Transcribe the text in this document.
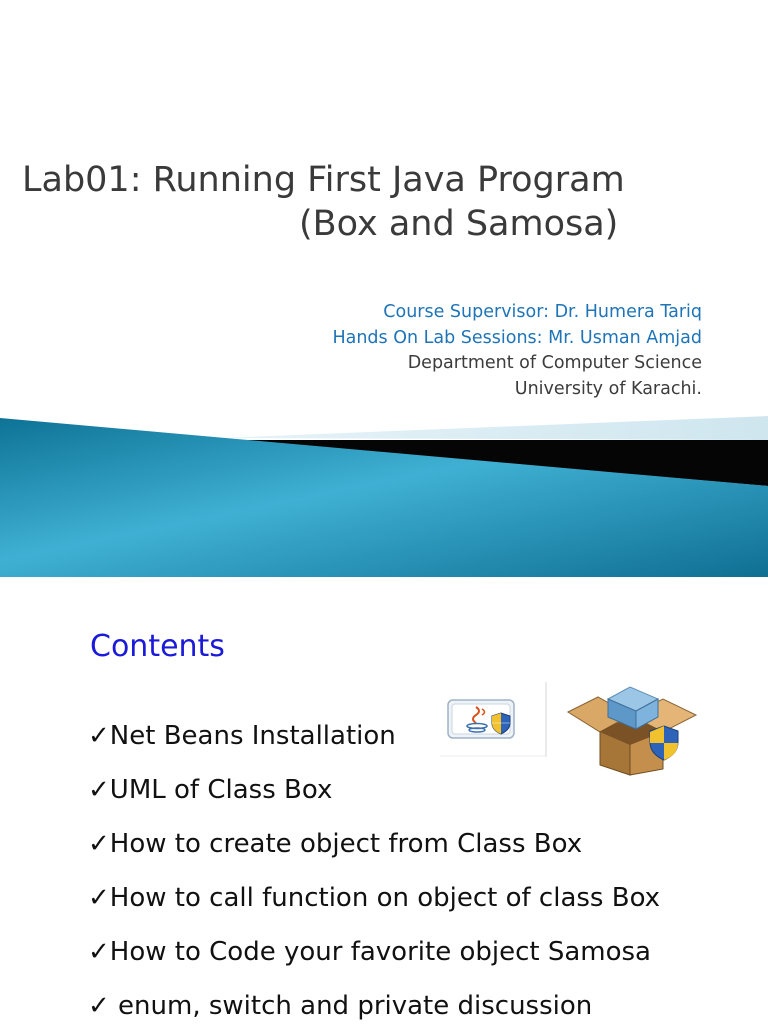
Lab01: Running First Java Program
(Box and Samosa)
Course Supervisor: Dr. Humera Tariq
Hands On Lab Sessions: Mr. Usman Amjad
Department of Computer Science
University of Karachi.
Contents
✓Net Beans Installation
✓UML of Class Box
✓How to create object from Class Box
✓How to call function on object of class Box
✓How to Code your favorite object Samosa
✓ enum, switch and private discussion
